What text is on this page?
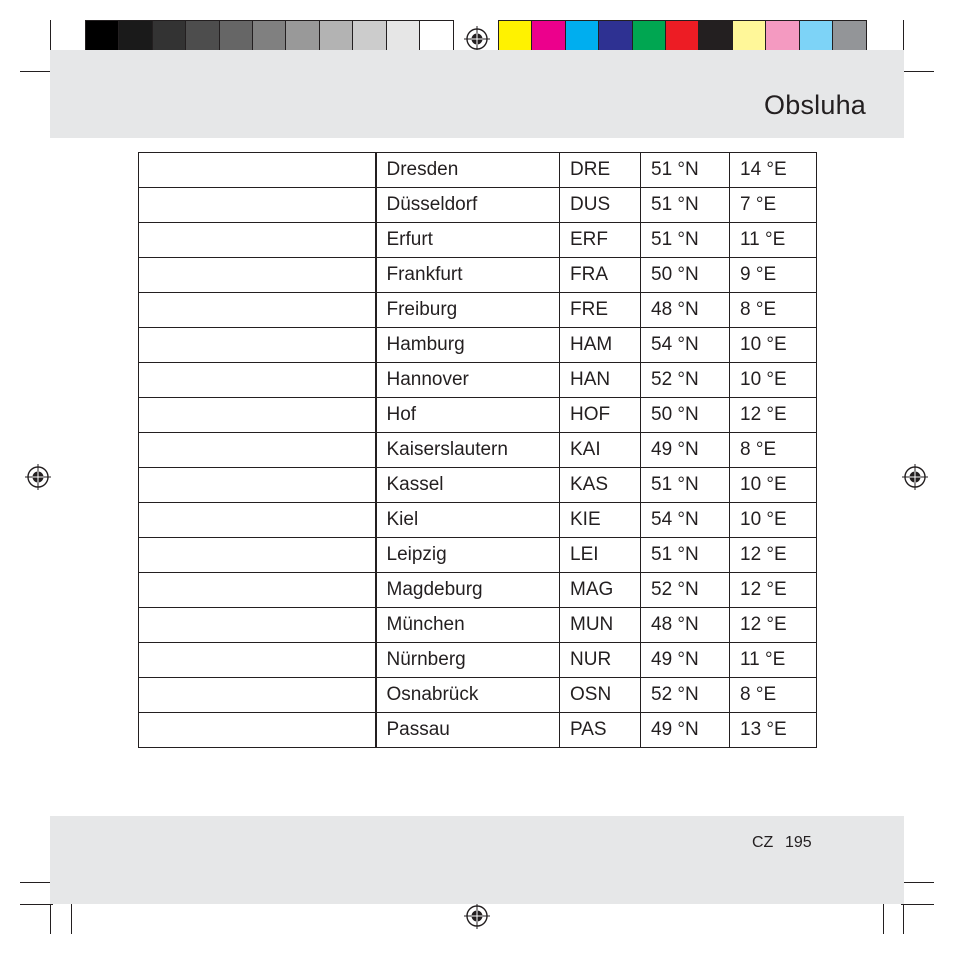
Obsluha
	Dresden	DRE	51 °N	14 °E
	Düsseldorf	DUS	51 °N	7 °E
	Erfurt	ERF	51 °N	11 °E
	Frankfurt	FRA	50 °N	9 °E
	Freiburg	FRE	48 °N	8 °E
	Hamburg	HAM	54 °N	10 °E
	Hannover	HAN	52 °N	10 °E
	Hof	HOF	50 °N	12 °E
	Kaiserslautern	KAI	49 °N	8 °E
	Kassel	KAS	51 °N	10 °E
	Kiel	KIE	54 °N	10 °E
	Leipzig	LEI	51 °N	12 °E
	Magdeburg	MAG	52 °N	12 °E
	München	MUN	48 °N	12 °E
	Nürnberg	NUR	49 °N	11 °E
	Osnabrück	OSN	52 °N	8 °E
	Passau	PAS	49 °N	13 °E
CZ 195
